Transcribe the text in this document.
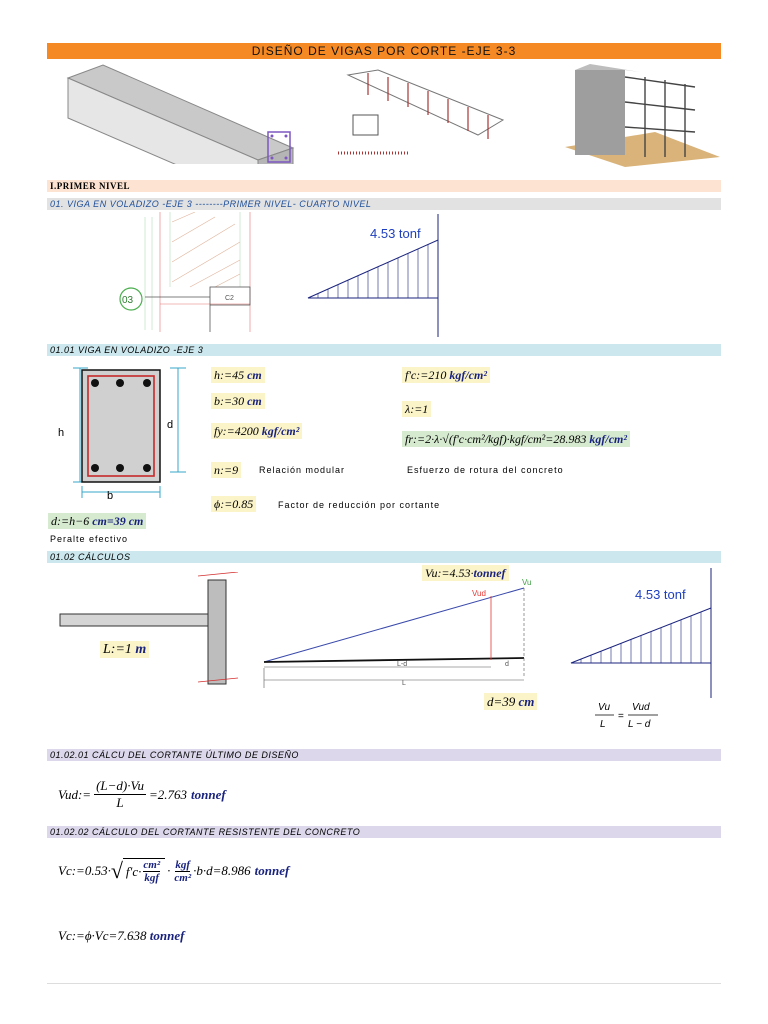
DISEÑO DE VIGAS POR CORTE -EJE 3-3
I.PRIMER NIVEL
01. VIGA EN VOLADIZO -EJE 3 --------PRIMER NIVEL- CUARTO NIVEL
03	C2
4.53 tonf
01.01 VIGA EN VOLADIZO -EJE 3
h
d
b
h:=45 cm
b:=30 cm
fy:=4200 kgf/cm²
n:=9	Relación modular
ϕ:=0.85	Factor de reducción por cortante
f'c:=210 kgf/cm²
λ:=1
fr:=2·λ·√(f'c·cm²/kgf)·kgf/cm²=28.983 kgf/cm²
Esfuerzo de rotura del concreto
d:=h−6 cm=39 cm
Peralte efectivo
01.02 CÁLCULOS
L:=1 m
Vud
Vu
L-d	d
L
Vu:=4.53·tonnef
d=39 cm
4.53 tonf
Vu
L
=
Vud
L − d
01.02.01 CÁLCU DEL CORTANTE ÚLTIMO DE DISEÑO
Vud:= $\frac{(L-d)\cdot Vu}{L} =2.763$ tonnef
01.02.02 CÁLCULO DEL CORTANTE RESISTENTE DEL CONCRETO
Vc:=0.53· √ f′c· cm²
kgf · kgf
cm² ·b·d=8.986 tonnef
Vc:=ϕ·Vc=7.638 tonnef
